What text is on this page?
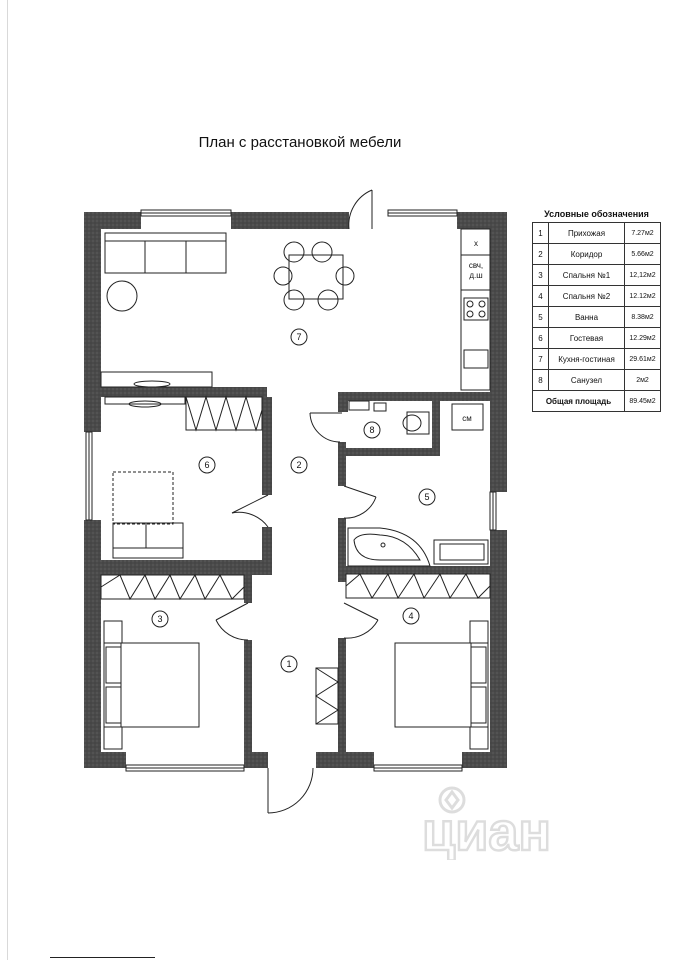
План с расстановкой мебели
1
2
3	4
5
6
7
8
х
свч,
д.ш
см
Условные обозначения
1	Прихожая	7.27м2
2	Коридор	5.66м2
3	Спальня №1	12,12м2
4	Спальня №2	12.12м2
5	Ванна	8.38м2
6	Гостевая	12.29м2
7	Кухня-гостиная	29.61м2
8	Санузел	2м2
Общая площадь		89.45м2
циан
